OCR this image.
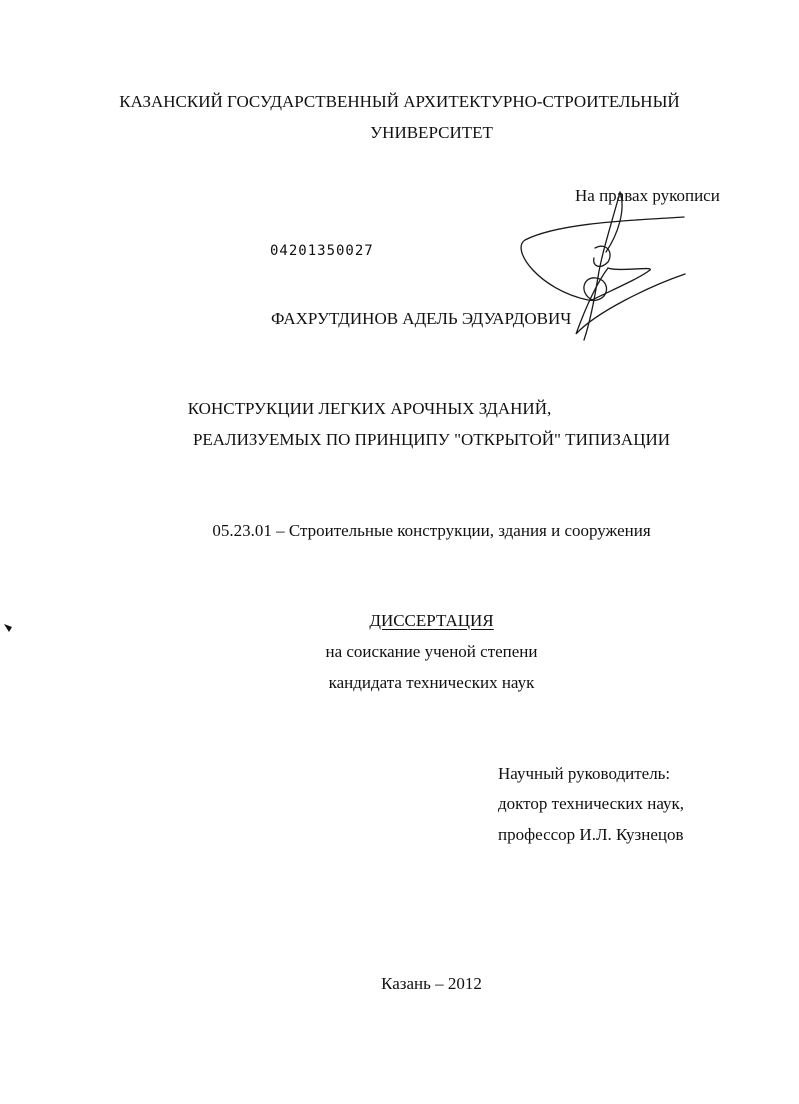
КАЗАНСКИЙ ГОСУДАРСТВЕННЫЙ АРХИТЕКТУРНО-СТРОИТЕЛЬНЫЙ
УНИВЕРСИТЕТ
На правах рукописи
04201350027
ФАХРУТДИНОВ АДЕЛЬ ЭДУАРДОВИЧ
КОНСТРУКЦИИ ЛЕГКИХ АРОЧНЫХ ЗДАНИЙ,
РЕАЛИЗУЕМЫХ ПО ПРИНЦИПУ "ОТКРЫТОЙ" ТИПИЗАЦИИ
05.23.01 – Строительные конструкции, здания и сооружения
ДИССЕРТАЦИЯ
на соискание ученой степени
кандидата технических наук
Научный руководитель:
доктор технических наук,
профессор И.Л. Кузнецов
Казань – 2012
